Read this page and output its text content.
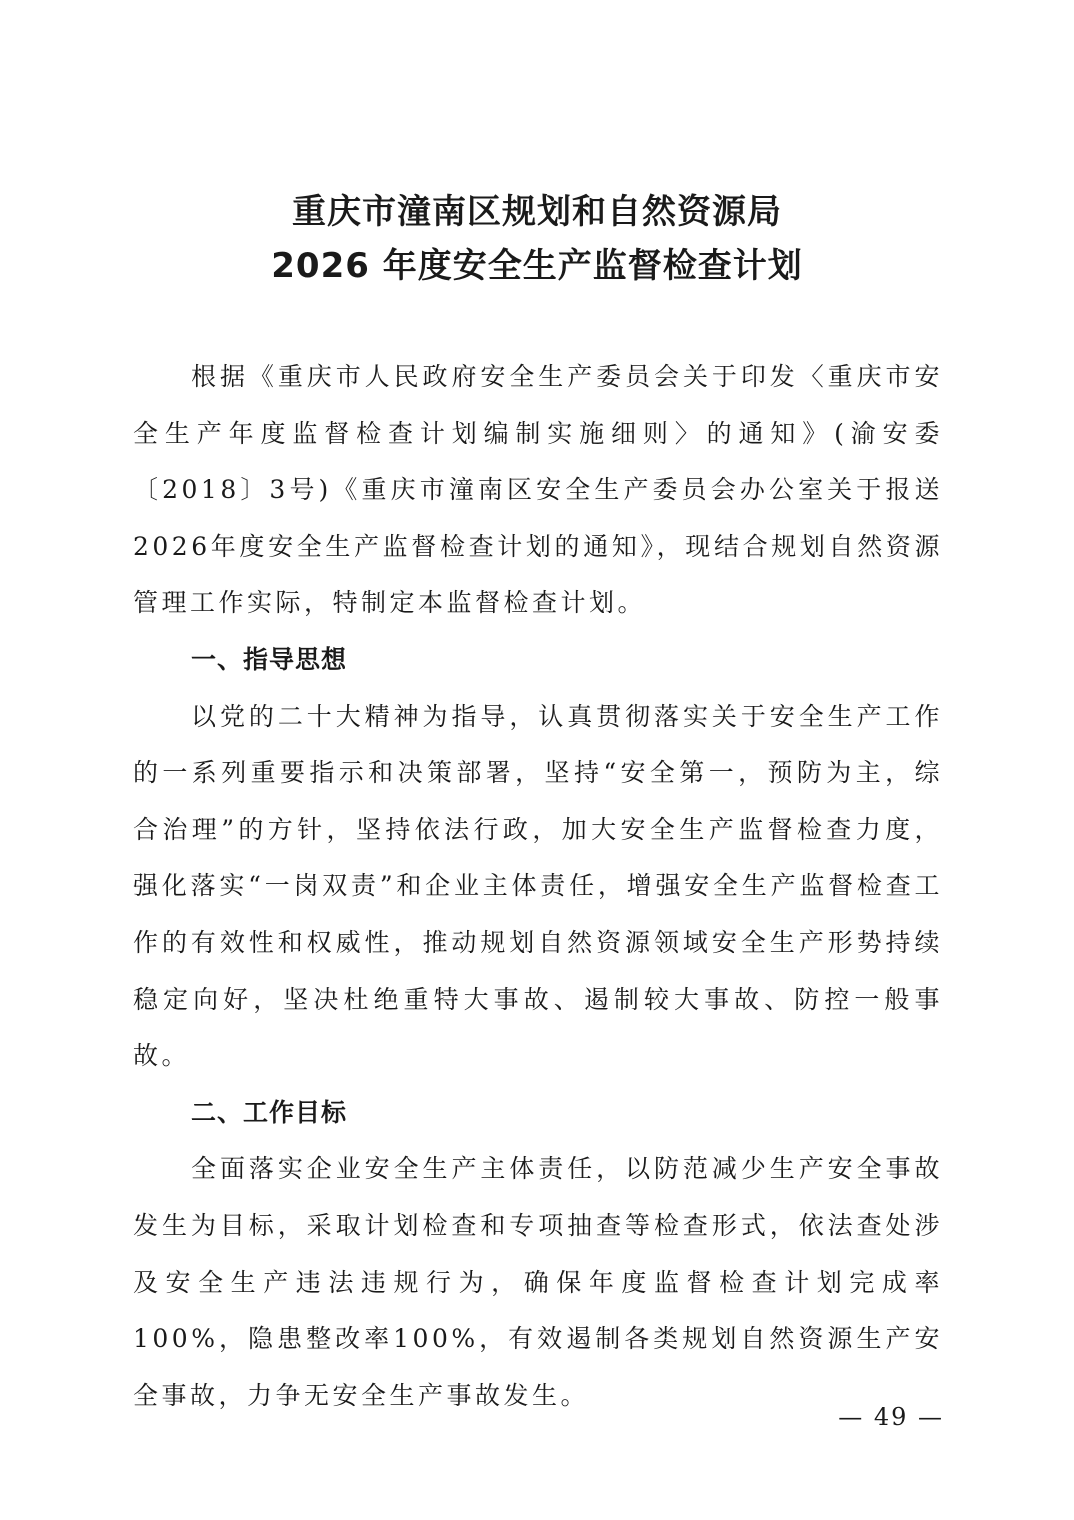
重庆市潼南区规划和自然资源局
2026 年度安全生产监督检查计划

根据《重庆市人民政府安全生产委员会关于印发〈重庆市安全生产年度监督检查计划编制实施细则〉的通知》(渝安委〔2018〕3号)《重庆市潼南区安全生产委员会办公室关于报送2026年度安全生产监督检查计划的通知》，现结合规划自然资源管理工作实际，特制定本监督检查计划。

一、指导思想

以党的二十大精神为指导，认真贯彻落实关于安全生产工作的一系列重要指示和决策部署，坚持“安全第一，预防为主，综合治理”的方针，坚持依法行政，加大安全生产监督检查力度，强化落实“一岗双责”和企业主体责任，增强安全生产监督检查工作的有效性和权威性，推动规划自然资源领域安全生产形势持续稳定向好，坚决杜绝重特大事故、遏制较大事故、防控一般事故。

二、工作目标

全面落实企业安全生产主体责任，以防范减少生产安全事故发生为目标，采取计划检查和专项抽查等检查形式，依法查处涉及安全生产违法违规行为，确保年度监督检查计划完成率100%，隐患整改率100%，有效遏制各类规划自然资源生产安全事故，力争无安全生产事故发生。

— 49 —
